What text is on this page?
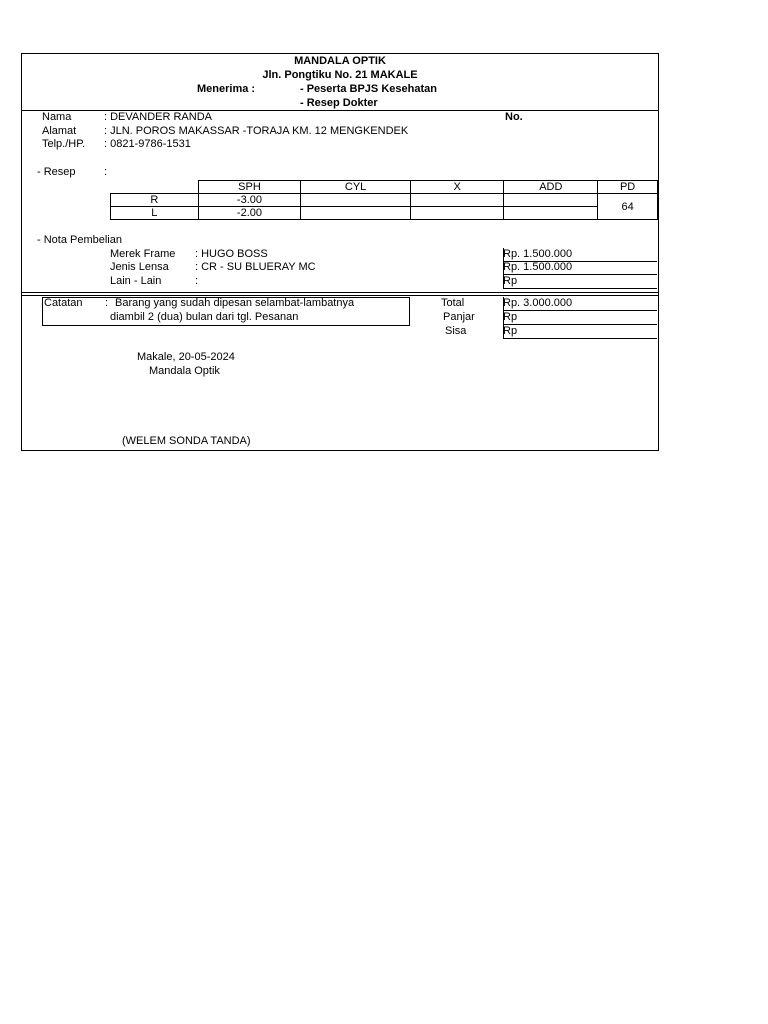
MANDALA OPTIK
Jln. Pongtiku No. 21 MAKALE
Menerima :	- Peserta BPJS Kesehatan
- Resep Dokter
Nama	: DEVANDER RANDA	No.
Alamat	: JLN. POROS MAKASSAR -TORAJA KM. 12 MENGKENDEK
Telp./HP. : 0821-9786-1531
- Resep	:
	SPH	CYL	X	ADD	PD
R	-3.00				64
L	-2.00				
- Nota Pembelian
Merek Frame : HUGO BOSS	Rp. 1.500.000
Jenis Lensa : CR - SU BLUERAY MC	Rp. 1.500.000
Lain - Lain	:	Rp
Catatan : Barang yang sudah dipesan selambat-lambatnya
diambil 2 (dua) bulan dari tgl. Pesanan
Total	Rp. 3.000.000
Panjar	Rp
Sisa	Rp
Makale, 20-05-2024
Mandala Optik
(WELEM SONDA TANDA)
